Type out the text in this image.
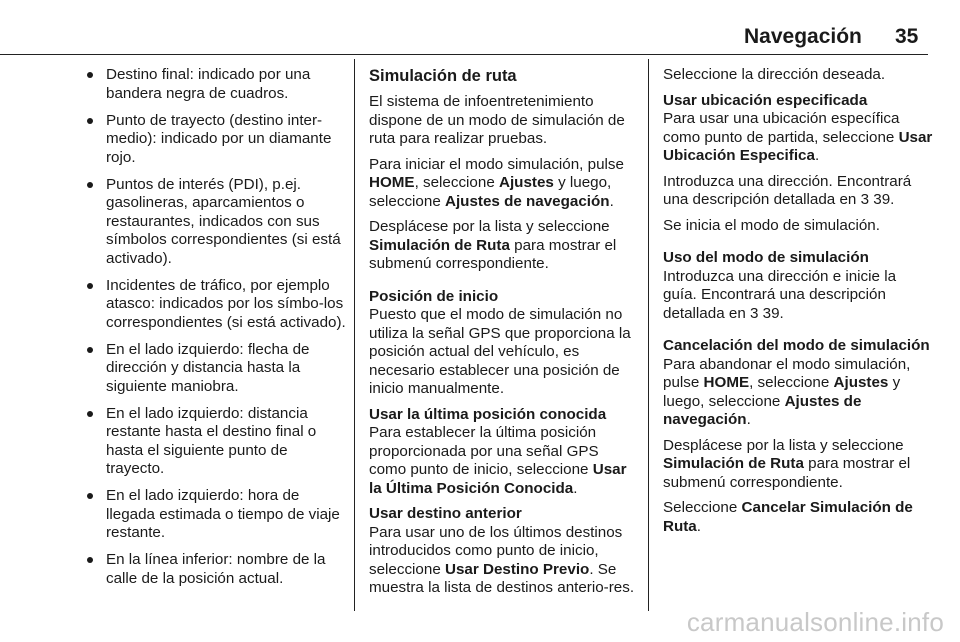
Navegación 35
Destino final: indicado por una bandera negra de cuadros.
Punto de trayecto (destino inter-medio): indicado por un diamante rojo.
Puntos de interés (PDI), p.ej. gasolineras, aparcamientos o restaurantes, indicados con sus símbolos correspondientes (si está activado).
Incidentes de tráfico, por ejemplo atasco: indicados por los símbo-los correspondientes (si está activado).
En el lado izquierdo: flecha de dirección y distancia hasta la siguiente maniobra.
En el lado izquierdo: distancia restante hasta el destino final o hasta el siguiente punto de trayecto.
En el lado izquierdo: hora de llegada estimada o tiempo de viaje restante.
En la línea inferior: nombre de la calle de la posición actual.
Simulación de ruta

El sistema de infoentretenimiento dispone de un modo de simulación de ruta para realizar pruebas.

Para iniciar el modo simulación, pulse HOME, seleccione Ajustes y luego, seleccione Ajustes de navegación.

Desplácese por la lista y seleccione Simulación de Ruta para mostrar el submenú correspondiente.

Posición de inicio

Puesto que el modo de simulación no utiliza la señal GPS que proporciona la posición actual del vehículo, es necesario establecer una posición de inicio manualmente.

Usar la última posición conocida

Para establecer la última posición proporcionada por una señal GPS como punto de inicio, seleccione Usar la Última Posición Conocida.

Usar destino anterior

Para usar uno de los últimos destinos introducidos como punto de inicio, seleccione Usar Destino Previo. Se muestra la lista de destinos anterio-res.

Seleccione la dirección deseada.

Usar ubicación especificada

Para usar una ubicación específica como punto de partida, seleccione Usar Ubicación Especifica.

Introduzca una dirección. Encontrará una descripción detallada en 3 39.

Se inicia el modo de simulación.

Uso del modo de simulación

Introduzca una dirección e inicie la guía. Encontrará una descripción detallada en 3 39.

Cancelación del modo de simulación

Para abandonar el modo simulación, pulse HOME, seleccione Ajustes y luego, seleccione Ajustes de navegación.

Desplácese por la lista y seleccione Simulación de Ruta para mostrar el submenú correspondiente.

Seleccione Cancelar Simulación de Ruta.

carmanualsonline.info
